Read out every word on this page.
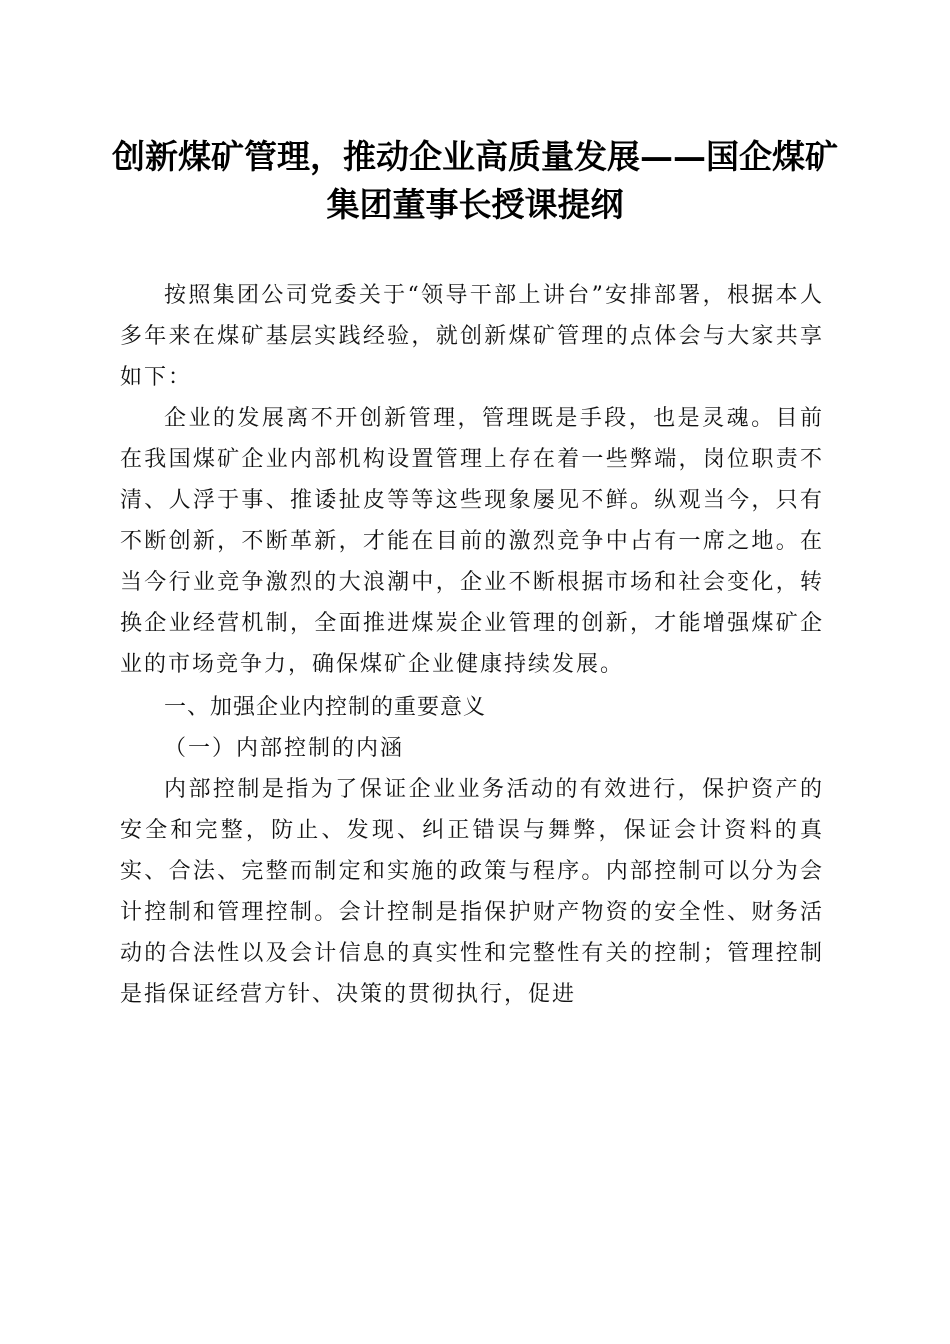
创新煤矿管理，推动企业高质量发展——国企煤矿集团董事长授课提纲

按照集团公司党委关于“领导干部上讲台”安排部署，根据本人多年来在煤矿基层实践经验，就创新煤矿管理的点体会与大家共享如下：

企业的发展离不开创新管理，管理既是手段，也是灵魂。目前在我国煤矿企业内部机构设置管理上存在着一些弊端，岗位职责不清、人浮于事、推诿扯皮等等这些现象屡见不鲜。纵观当今，只有不断创新，不断革新，才能在目前的激烈竞争中占有一席之地。在当今行业竞争激烈的大浪潮中，企业不断根据市场和社会变化，转换企业经营机制，全面推进煤炭企业管理的创新，才能增强煤矿企业的市场竞争力，确保煤矿企业健康持续发展。

一、加强企业内控制的重要意义

（一）内部控制的内涵

内部控制是指为了保证企业业务活动的有效进行，保护资产的安全和完整，防止、发现、纠正错误与舞弊，保证会计资料的真实、合法、完整而制定和实施的政策与程序。内部控制可以分为会计控制和管理控制。会计控制是指保护财产物资的安全性、财务活动的合法性以及会计信息的真实性和完整性有关的控制；管理控制是指保证经营方针、决策的贯彻执行，促进
